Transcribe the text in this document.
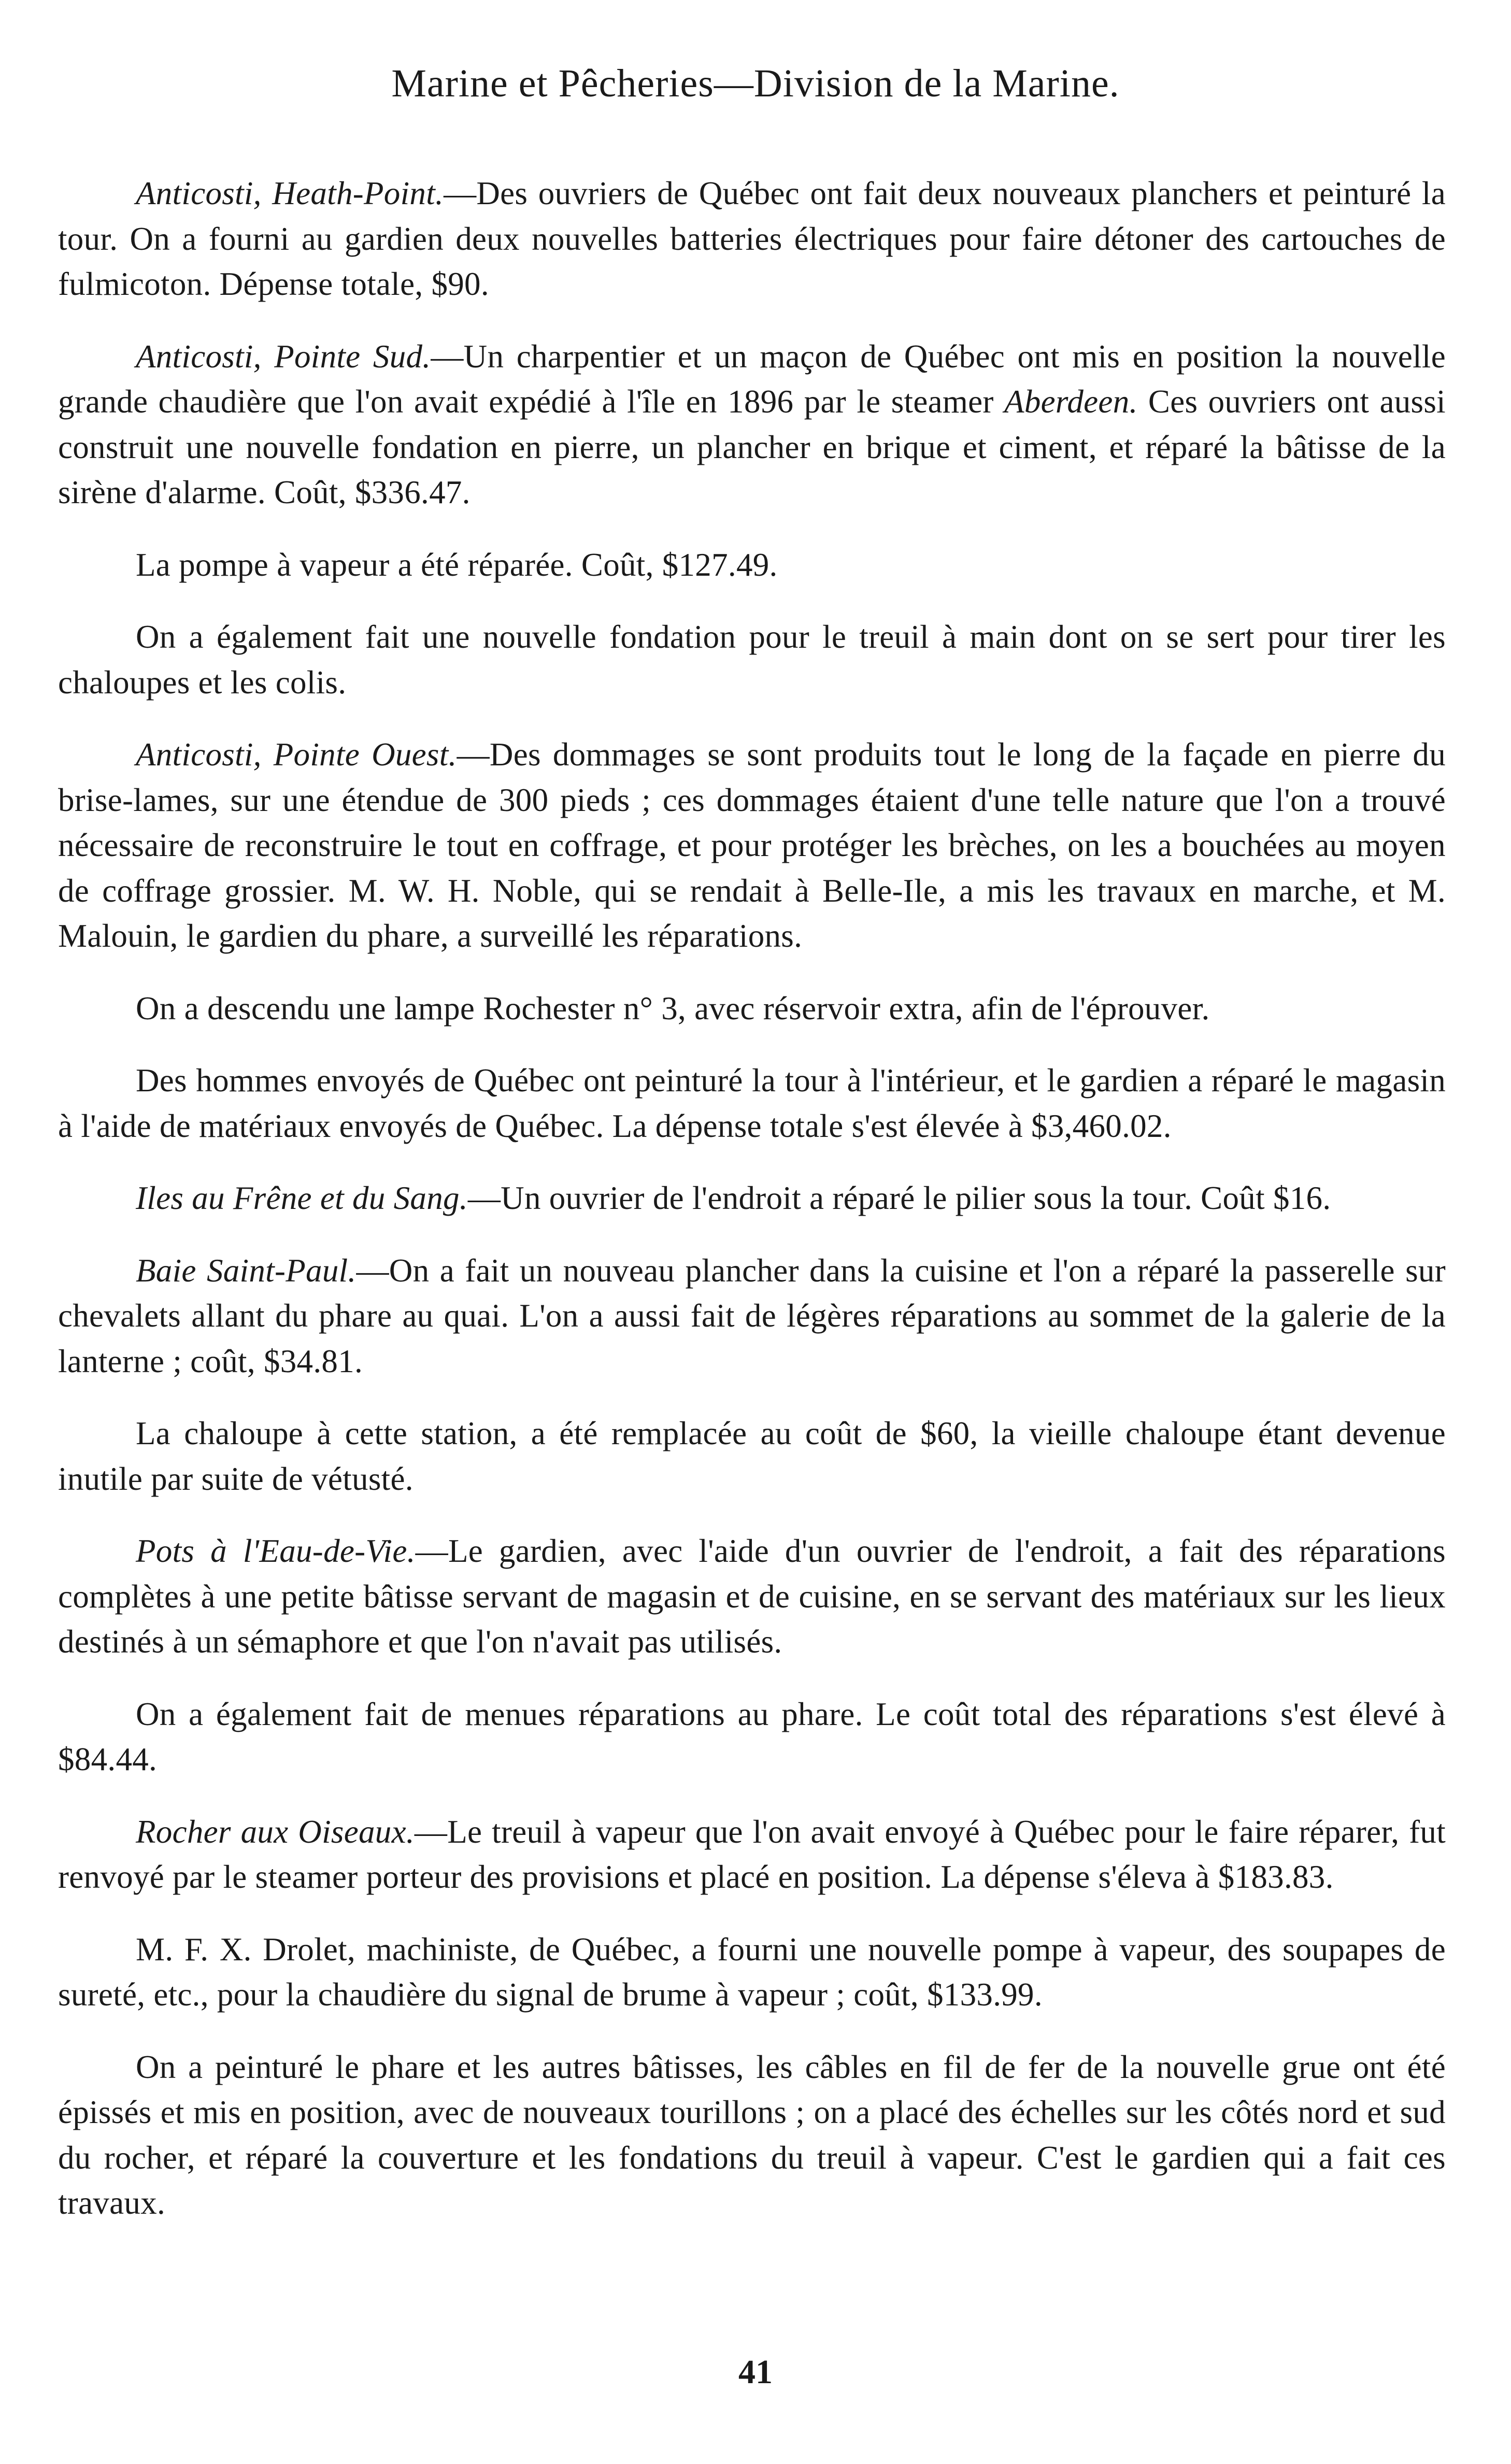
Marine et Pêcheries—Division de la Marine.

Anticosti, Heath-Point.—Des ouvriers de Québec ont fait deux nouveaux planchers et peinturé la tour. On a fourni au gardien deux nouvelles batteries électriques pour faire détoner des cartouches de fulmicoton. Dépense totale, $90.

Anticosti, Pointe Sud.—Un charpentier et un maçon de Québec ont mis en position la nouvelle grande chaudière que l'on avait expédié à l'île en 1896 par le steamer Aberdeen. Ces ouvriers ont aussi construit une nouvelle fondation en pierre, un plancher en brique et ciment, et réparé la bâtisse de la sirène d'alarme. Coût, $336.47.

La pompe à vapeur a été réparée. Coût, $127.49.

On a également fait une nouvelle fondation pour le treuil à main dont on se sert pour tirer les chaloupes et les colis.

Anticosti, Pointe Ouest.—Des dommages se sont produits tout le long de la façade en pierre du brise-lames, sur une étendue de 300 pieds ; ces dommages étaient d'une telle nature que l'on a trouvé nécessaire de reconstruire le tout en coffrage, et pour protéger les brèches, on les a bouchées au moyen de coffrage grossier. M. W. H. Noble, qui se rendait à Belle-Ile, a mis les travaux en marche, et M. Malouin, le gardien du phare, a surveillé les réparations.

On a descendu une lampe Rochester n° 3, avec réservoir extra, afin de l'éprouver.

Des hommes envoyés de Québec ont peinturé la tour à l'intérieur, et le gardien a réparé le magasin à l'aide de matériaux envoyés de Québec. La dépense totale s'est élevée à $3,460.02.

Iles au Frêne et du Sang.—Un ouvrier de l'endroit a réparé le pilier sous la tour. Coût $16.

Baie Saint-Paul.—On a fait un nouveau plancher dans la cuisine et l'on a réparé la passerelle sur chevalets allant du phare au quai. L'on a aussi fait de légères réparations au sommet de la galerie de la lanterne ; coût, $34.81.

La chaloupe à cette station, a été remplacée au coût de $60, la vieille chaloupe étant devenue inutile par suite de vétusté.

Pots à l'Eau-de-Vie.—Le gardien, avec l'aide d'un ouvrier de l'endroit, a fait des réparations complètes à une petite bâtisse servant de magasin et de cuisine, en se servant des matériaux sur les lieux destinés à un sémaphore et que l'on n'avait pas utilisés.

On a également fait de menues réparations au phare. Le coût total des réparations s'est élevé à $84.44.

Rocher aux Oiseaux.—Le treuil à vapeur que l'on avait envoyé à Québec pour le faire réparer, fut renvoyé par le steamer porteur des provisions et placé en position. La dépense s'éleva à $183.83.

M. F. X. Drolet, machiniste, de Québec, a fourni une nouvelle pompe à vapeur, des soupapes de sureté, etc., pour la chaudière du signal de brume à vapeur ; coût, $133.99.

On a peinturé le phare et les autres bâtisses, les câbles en fil de fer de la nouvelle grue ont été épissés et mis en position, avec de nouveaux tourillons ; on a placé des échelles sur les côtés nord et sud du rocher, et réparé la couverture et les fondations du treuil à vapeur. C'est le gardien qui a fait ces travaux.

41
